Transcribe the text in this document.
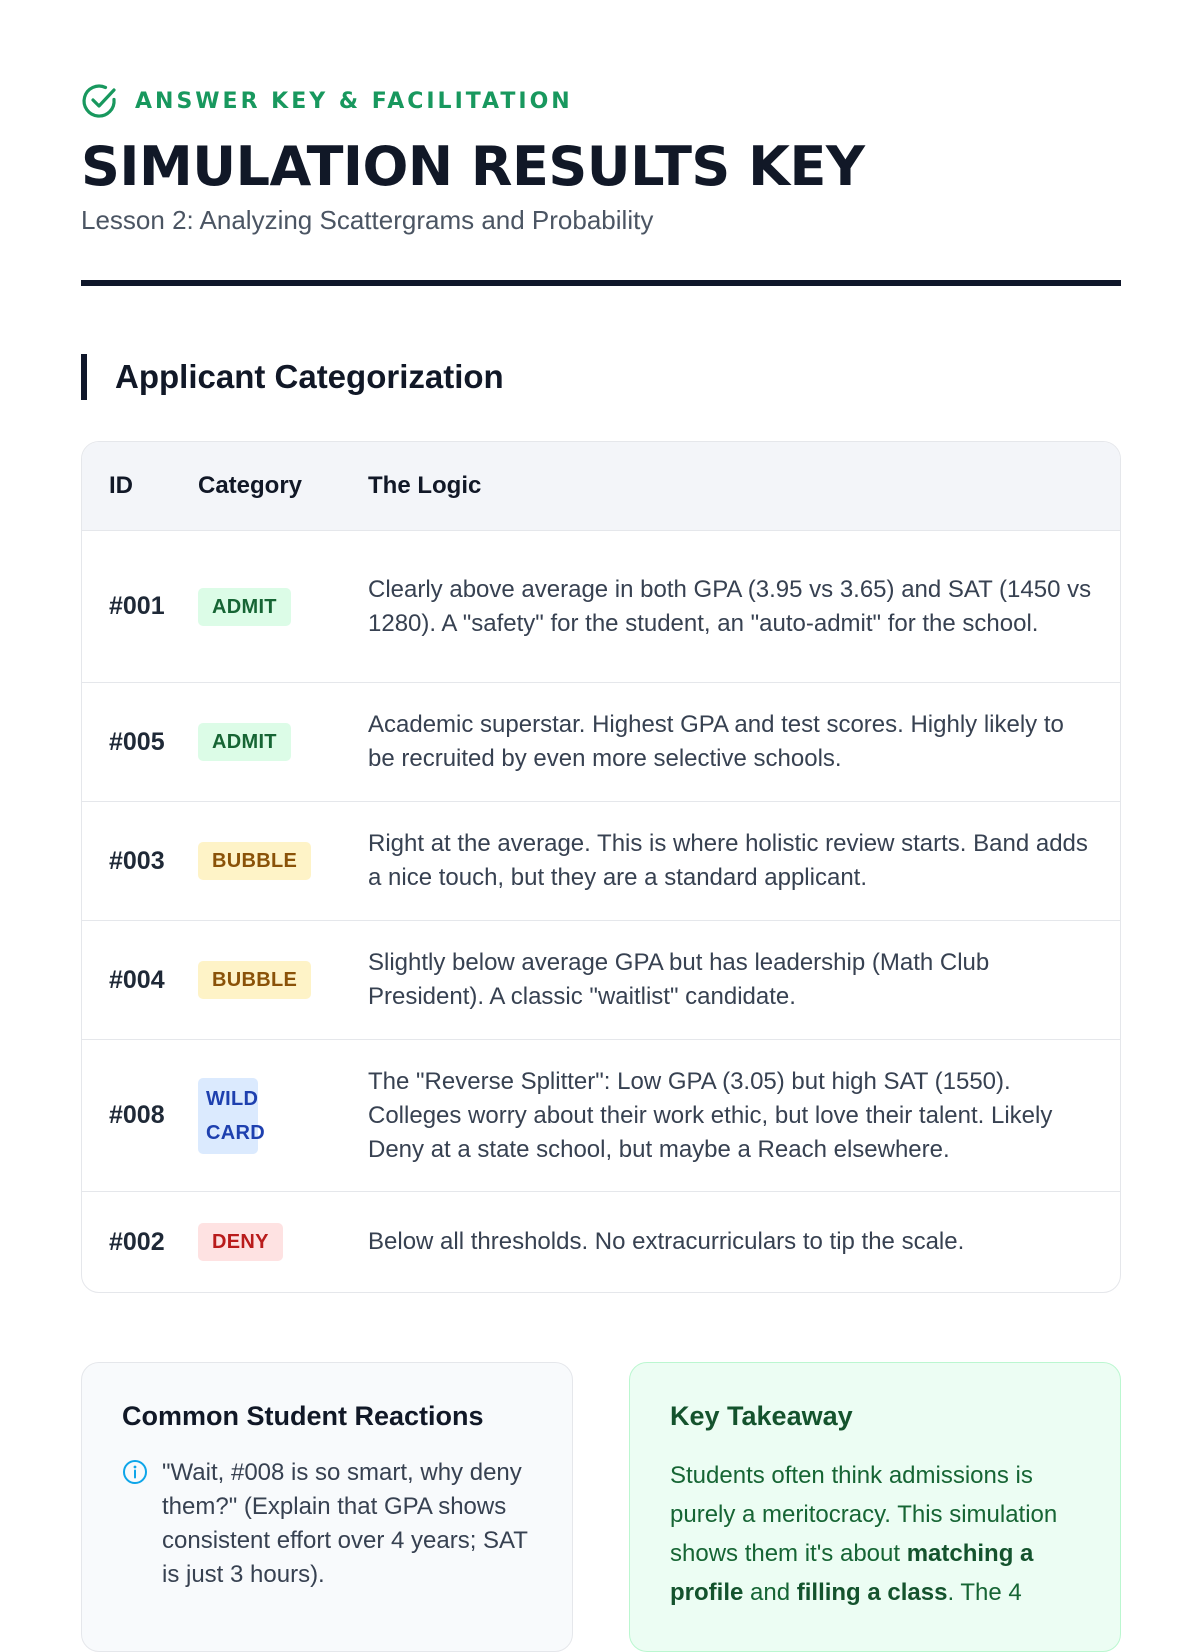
ANSWER KEY & FACILITATION
SIMULATION RESULTS KEY
Lesson 2: Analyzing Scattergrams and Probability
Applicant Categorization
ID	Category	The Logic
#001	ADMIT	Clearly above average in both GPA (3.95 vs 3.65) and SAT (1450 vs 1280). A "safety" for the student, an "auto-admit" for the school.
#005	ADMIT	Academic superstar. Highest GPA and test scores. Highly likely to be recruited by even more selective schools.
#003	BUBBLE	Right at the average. This is where holistic review starts. Band adds a nice touch, but they are a standard applicant.
#004	BUBBLE	Slightly below average GPA but has leadership (Math Club President). A classic "waitlist" candidate.
#008	WILD CARD	The "Reverse Splitter": Low GPA (3.05) but high SAT (1550). Colleges worry about their work ethic, but love their talent. Likely Deny at a state school, but maybe a Reach elsewhere.
#002	DENY	Below all thresholds. No extracurriculars to tip the scale.
Common Student Reactions
"Wait, #008 is so smart, why deny them?" (Explain that GPA shows consistent effort over 4 years; SAT is just 3 hours).
Key Takeaway

Students often think admissions is purely a meritocracy. This simulation shows them it's about matching a profile and filling a class. The 4
